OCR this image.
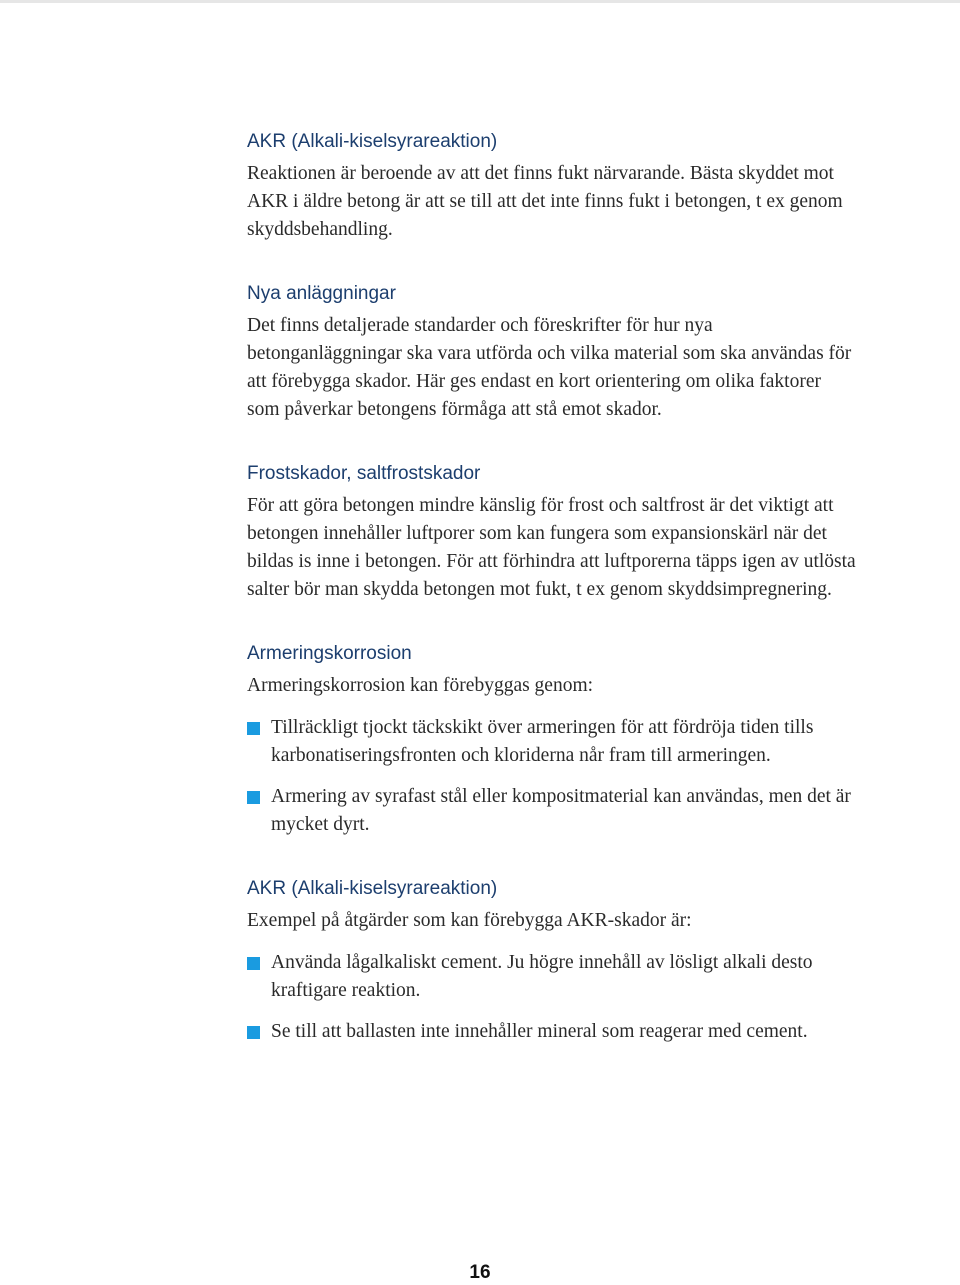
AKR (Alkali-kiselsyrareaktion)

Reaktionen är beroende av att det finns fukt närvarande. Bästa skyddet mot AKR i äldre betong är att se till att det inte finns fukt i betongen, t ex genom skyddsbehandling.

Nya anläggningar

Det finns detaljerade standarder och föreskrifter för hur nya betonganläggningar ska vara utförda och vilka material som ska användas för att förebygga skador. Här ges endast en kort orientering om olika faktorer som påverkar betongens förmåga att stå emot skador.

Frostskador, saltfrostskador

För att göra betongen mindre känslig för frost och saltfrost är det viktigt att betongen innehåller luftporer som kan fungera som expansionskärl när det bildas is inne i betongen. För att förhindra att luftporerna täpps igen av utlösta salter bör man skydda betongen mot fukt, t ex genom skyddsimpregnering.

Armeringskorrosion

Armeringskorrosion kan förebyggas genom:

Tillräckligt tjockt täckskikt över armeringen för att fördröja tiden tills karbonatiseringsfronten och kloriderna når fram till armeringen.
Armering av syrafast stål eller kompositmaterial kan användas, men det är mycket dyrt.
AKR (Alkali-kiselsyrareaktion)

Exempel på åtgärder som kan förebygga AKR-skador är:

Använda lågalkaliskt cement. Ju högre innehåll av lösligt alkali desto kraftigare reaktion.
Se till att ballasten inte innehåller mineral som reagerar med cement.
16
